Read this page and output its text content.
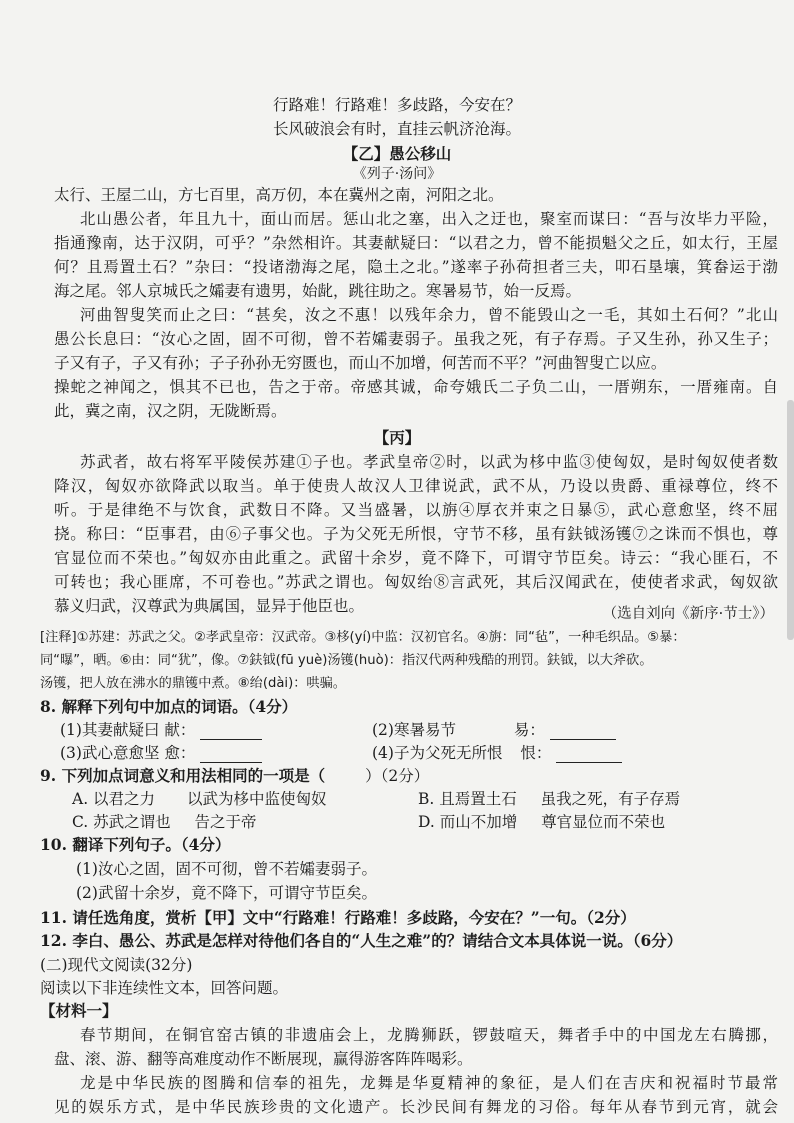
行路难！行路难！多歧路，今安在？
长风破浪会有时，直挂云帆济沧海。
【乙】愚公移山
《列子·汤问》
太行、王屋二山，方七百里，高万仞，本在冀州之南，河阳之北。
北山愚公者，年且九十，面山而居。惩山北之塞，出入之迂也，聚室而谋曰：“吾与汝毕力平险，
指通豫南，达于汉阴，可乎？”杂然相许。其妻献疑曰：“以君之力，曾不能损魁父之丘，如太行，王屋
何？且焉置土石？”杂曰：“投诸渤海之尾，隐土之北。”遂率子孙荷担者三夫，叩石垦壤，箕畚运于渤
海之尾。邻人京城氏之孀妻有遗男，始龀，跳往助之。寒暑易节，始一反焉。
河曲智叟笑而止之曰：“甚矣，汝之不惠！以残年余力，曾不能毁山之一毛，其如土石何？”北山
愚公长息曰：“汝心之固，固不可彻，曾不若孀妻弱子。虽我之死，有子存焉。子又生孙，孙又生子；
子又有子，子又有孙；子子孙孙无穷匮也，而山不加增，何苦而不平？”河曲智叟亡以应。
操蛇之神闻之，惧其不已也，告之于帝。帝感其诚，命夸娥氏二子负二山，一厝朔东，一厝雍南。自
此，冀之南，汉之阴，无陇断焉。
【丙】
苏武者，故右将军平陵侯苏建①子也。孝武皇帝②时，以武为栘中监③使匈奴，是时匈奴使者数
降汉，匈奴亦欲降武以取当。单于使贵人故汉人卫律说武，武不从，乃设以贵爵、重禄尊位，终不
听。于是律绝不与饮食，武数日不降。又当盛暑，以旃④厚衣并束之日暴⑤，武心意愈坚，终不屈
挠。称曰：“臣事君，由⑥子事父也。子为父死无所恨，守节不移，虽有鈇钺汤镬⑦之诛而不惧也，尊
官显位而不荣也。”匈奴亦由此重之。武留十余岁，竟不降下，可谓守节臣矣。诗云：“我心匪石，不
可转也；我心匪席，不可卷也。”苏武之谓也。匈奴绐⑧言武死，其后汉闻武在，使使者求武，匈奴欲
慕义归武，汉尊武为典属国，显异于他臣也。	（选自刘向《新序·节士》）
[注释]①苏建：苏武之父。②孝武皇帝：汉武帝。③栘(yí)中监：汉初官名。④旃：同“毡”，一种毛织品。⑤暴：
同“曝”，晒。⑥由：同“犹”，像。⑦鈇钺(fū yuè)汤镬(huò)：指汉代两种残酷的刑罚。鈇钺，以大斧砍。
汤镬，把人放在沸水的鼎镬中煮。⑧绐(dài)：哄骗。
8. 解释下列句中加点的词语。（4分）
(1)其妻献疑曰 献：	(2)寒暑易节	易：
(3)武心意愈坚 愈：	(4)子为父死无所恨 恨：
9. 下列加点词意义和用法相同的一项是（	）（2分）
A. 以君之力 以武为栘中监使匈奴	B. 且焉置土石 虽我之死，有子存焉
C. 苏武之谓也 告之于帝	D. 而山不加增 尊官显位而不荣也
10. 翻译下列句子。（4分）
(1)汝心之固，固不可彻，曾不若孀妻弱子。
(2)武留十余岁，竟不降下，可谓守节臣矣。
11. 请任选角度，赏析【甲】文中“行路难！行路难！多歧路，今安在？”一句。（2分）
12. 李白、愚公、苏武是怎样对待他们各自的“人生之难”的？请结合文本具体说一说。（6分）
(二)现代文阅读(32分)
阅读以下非连续性文本，回答问题。
【材料一】
春节期间，在铜官窑古镇的非遗庙会上，龙腾狮跃，锣鼓喧天，舞者手中的中国龙左右腾挪，
盘、滚、游、翻等高难度动作不断展现，赢得游客阵阵喝彩。
龙是中华民族的图腾和信奉的祖先，龙舞是华夏精神的象征，是人们在吉庆和祝福时节最常
见的娱乐方式，是中华民族珍贵的文化遗产。长沙民间有舞龙的习俗。每年从春节到元宵，就会
